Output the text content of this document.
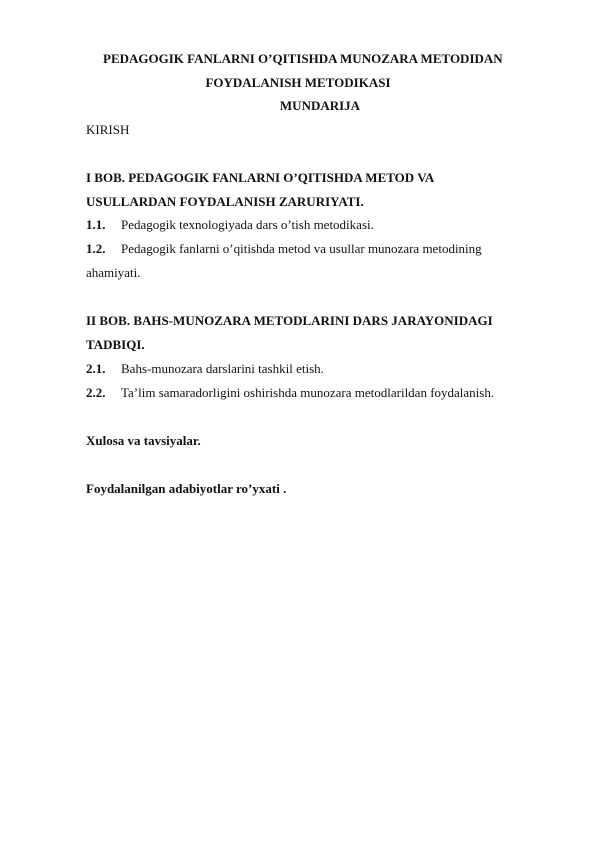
PEDAGOGIK FANLARNI O’QITISHDA MUNOZARA METODIDAN
FOYDALANISH METODIKASI
MUNDARIJA
KIRISH
I BOB. PEDAGOGIK FANLARNI O’QITISHDA METOD VA
USULLARDAN FOYDALANISH ZARURIYATI.
1.1. Pedagogik texnologiyada dars o’tish metodikasi.
1.2. Pedagogik fanlarni o’qitishda metod va usullar munozara metodining
ahamiyati.
II BOB. BAHS-MUNOZARA METODLARINI DARS JARAYONIDAGI
TADBIQI.
2.1. Bahs-munozara darslarini tashkil etish.
2.2. Ta’lim samaradorligini oshirishda munozara metodlarildan foydalanish.
Xulosa va tavsiyalar.
Foydalanilgan adabiyotlar ro’yxati .
